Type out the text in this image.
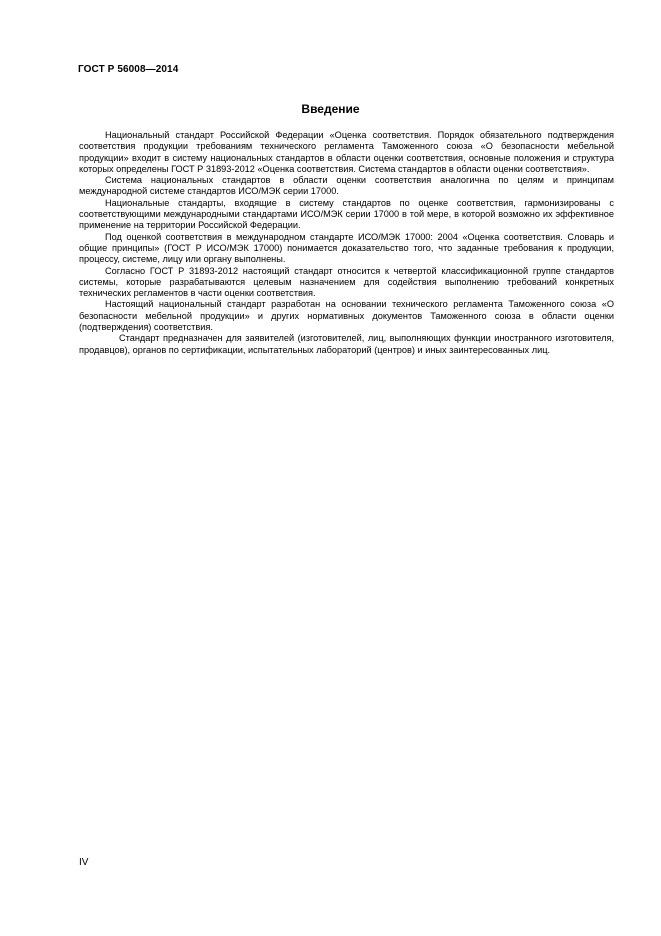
ГОСТ Р 56008—2014
Введение

Национальный стандарт Российской Федерации «Оценка соответствия. Порядок обязательного подтверждения соответствия продукции требованиям технического регламента Таможенного союза «О безопасности мебельной продукции» входит в систему национальных стандартов в области оценки соответствия, основные положения и структура которых определены ГОСТ Р 31893-2012 «Оценка соответствия. Система стандартов в области оценки соответствия».

Система национальных стандартов в области оценки соответствия аналогична по целям и принципам международной системе стандартов ИСО/МЭК серии 17000.

Национальные стандарты, входящие в систему стандартов по оценке соответствия, гармонизированы с соответствующими международными стандартами ИСО/МЭК серии 17000 в той мере, в которой возможно их эффективное применение на территории Российской Федерации.

Под оценкой соответствия в международном стандарте ИСО/МЭК 17000: 2004 «Оценка соответствия. Словарь и общие принципы» (ГОСТ Р ИСО/МЭК 17000) понимается доказательство того, что заданные требования к продукции, процессу, системе, лицу или органу выполнены.

Согласно ГОСТ Р 31893-2012 настоящий стандарт относится к четвертой классификационной группе стандартов системы, которые разрабатываются целевым назначением для содействия выполнению требований конкретных технических регламентов в части оценки соответствия.

Настоящий национальный стандарт разработан на основании технического регламента Таможенного союза «О безопасности мебельной продукции» и других нормативных документов Таможенного союза в области оценки (подтверждения) соответствия.

Стандарт предназначен для заявителей (изготовителей, лиц, выполняющих функции иностранного изготовителя, продавцов), органов по сертификации, испытательных лабораторий (центров) и иных заинтересованных лиц.

IV
